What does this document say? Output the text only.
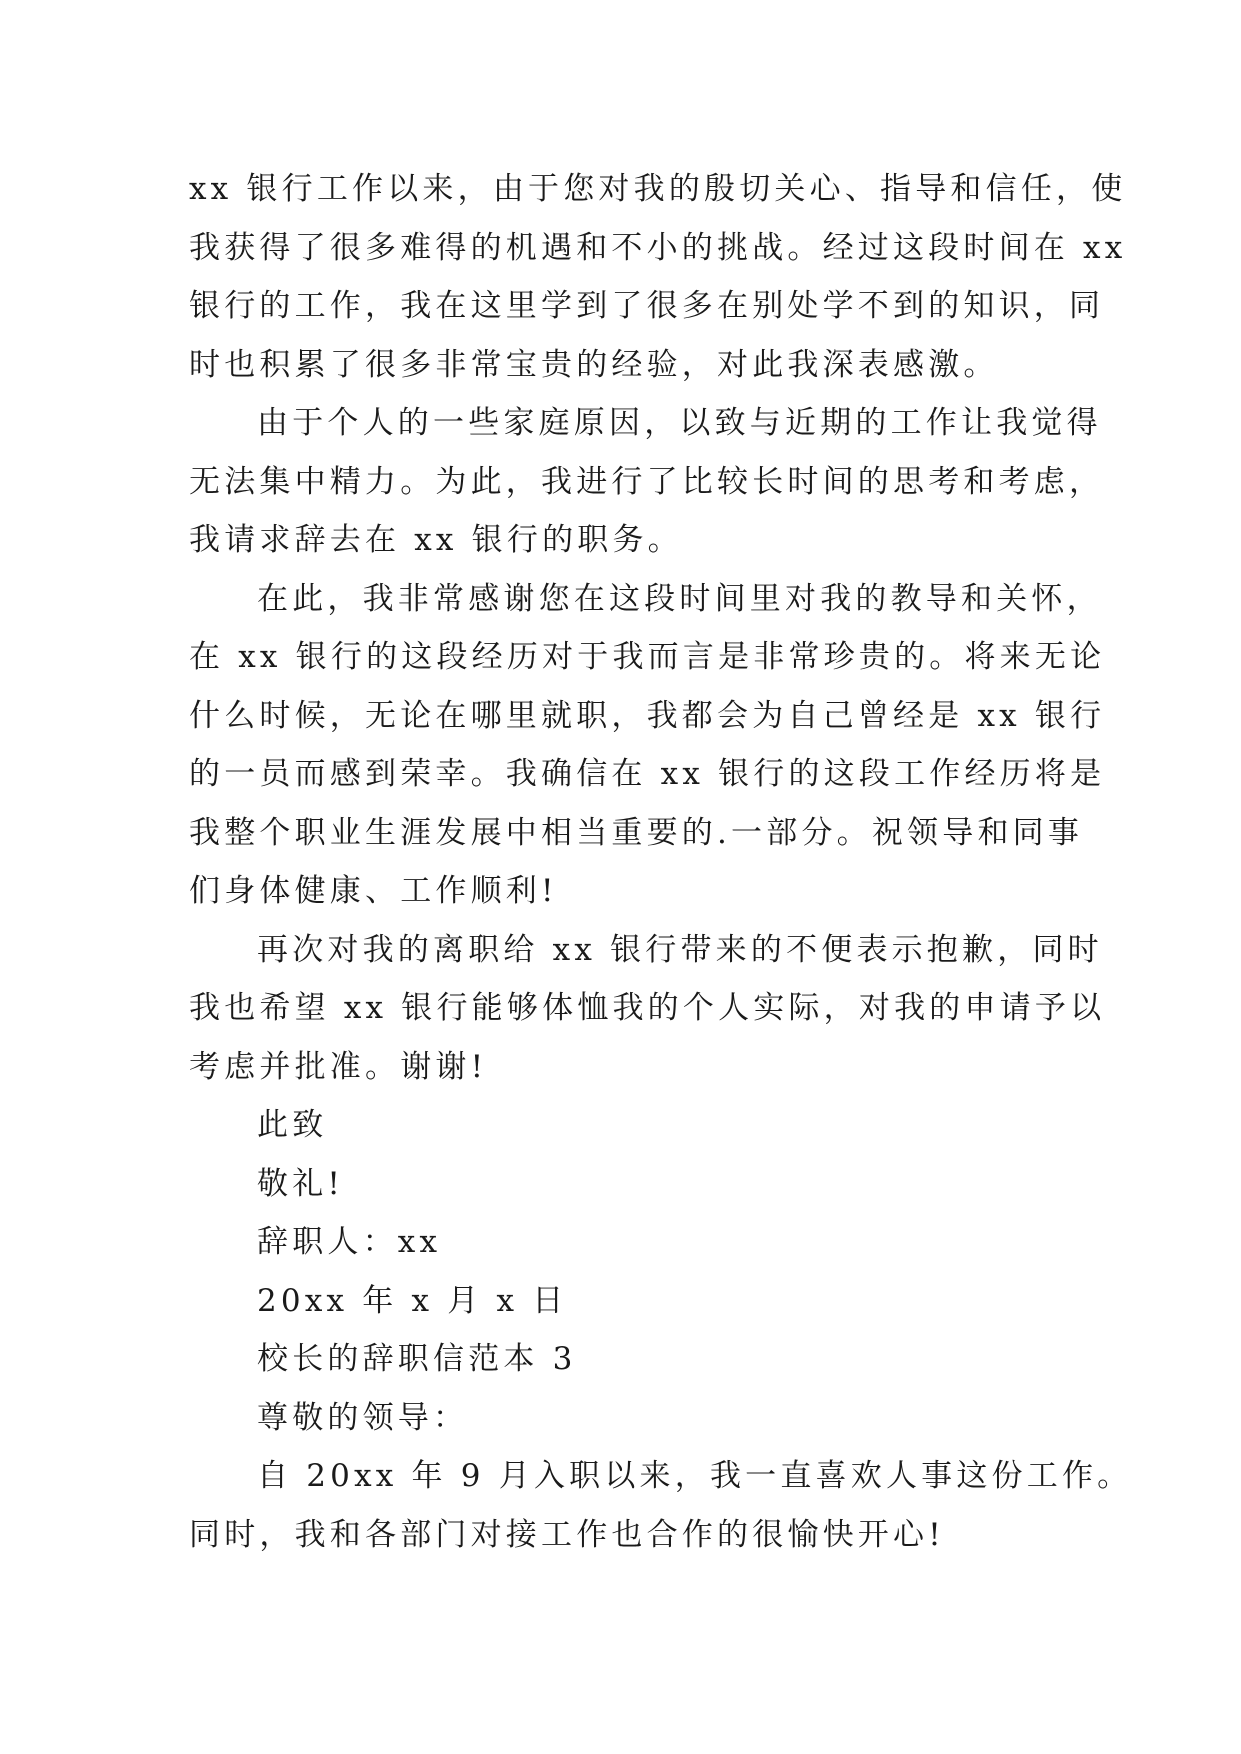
xx 银行工作以来，由于您对我的殷切关心、指导和信任，使
我获得了很多难得的机遇和不小的挑战。经过这段时间在 xx
银行的工作，我在这里学到了很多在别处学不到的知识，同
时也积累了很多非常宝贵的经验，对此我深表感激。
由于个人的一些家庭原因，以致与近期的工作让我觉得
无法集中精力。为此，我进行了比较长时间的思考和考虑，
我请求辞去在 xx 银行的职务。
在此，我非常感谢您在这段时间里对我的教导和关怀，
在 xx 银行的这段经历对于我而言是非常珍贵的。将来无论
什么时候，无论在哪里就职，我都会为自己曾经是 xx 银行
的一员而感到荣幸。我确信在 xx 银行的这段工作经历将是
我整个职业生涯发展中相当重要的.一部分。祝领导和同事
们身体健康、工作顺利!
再次对我的离职给 xx 银行带来的不便表示抱歉，同时
我也希望 xx 银行能够体恤我的个人实际，对我的申请予以
考虑并批准。谢谢!
此致
敬礼!
辞职人：xx
20xx 年 x 月 x 日
校长的辞职信范本 3
尊敬的领导：
自 20xx 年 9 月入职以来，我一直喜欢人事这份工作。
同时，我和各部门对接工作也合作的很愉快开心!
